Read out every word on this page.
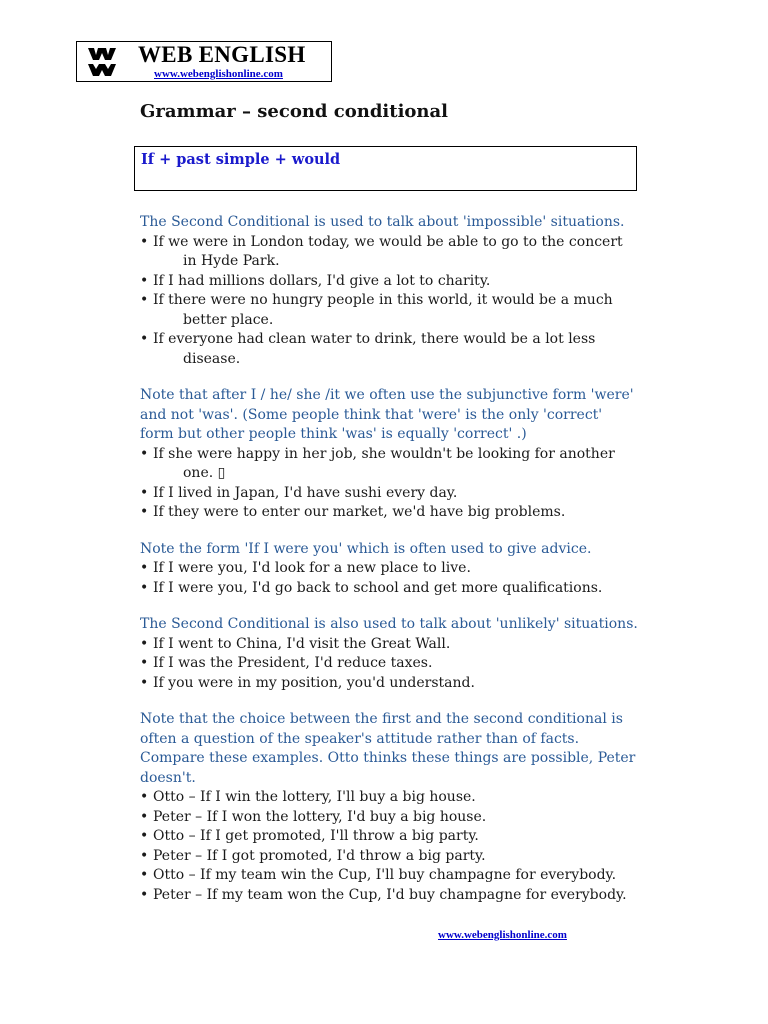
WEB ENGLISH
www.webenglishonline.com
Grammar – second conditional
If + past simple + would
The Second Conditional is used to talk about 'impossible' situations.
• If we were in London today, we would be able to go to the concert
in Hyde Park.
• If I had millions dollars, I'd give a lot to charity.
• If there were no hungry people in this world, it would be a much
better place.
• If everyone had clean water to drink, there would be a lot less
disease.
Note that after I / he/ she /it we often use the subjunctive form 'were' and not 'was'. (Some people think that 'were' is the only 'correct' form but other people think 'was' is equally 'correct' .)
• If she were happy in her job, she wouldn't be looking for another
one. ▯
• If I lived in Japan, I'd have sushi every day.
• If they were to enter our market, we'd have big problems.
Note the form 'If I were you' which is often used to give advice.
• If I were you, I'd look for a new place to live.
• If I were you, I'd go back to school and get more qualifications.
The Second Conditional is also used to talk about 'unlikely' situations.
• If I went to China, I'd visit the Great Wall.
• If I was the President, I'd reduce taxes.
• If you were in my position, you'd understand.
Note that the choice between the first and the second conditional is often a question of the speaker's attitude rather than of facts. Compare these examples. Otto thinks these things are possible, Peter doesn't.
• Otto – If I win the lottery, I'll buy a big house.
• Peter – If I won the lottery, I'd buy a big house.
• Otto – If I get promoted, I'll throw a big party.
• Peter – If I got promoted, I'd throw a big party.
• Otto – If my team win the Cup, I'll buy champagne for everybody.
• Peter – If my team won the Cup, I'd buy champagne for everybody.
www.webenglishonline.com
